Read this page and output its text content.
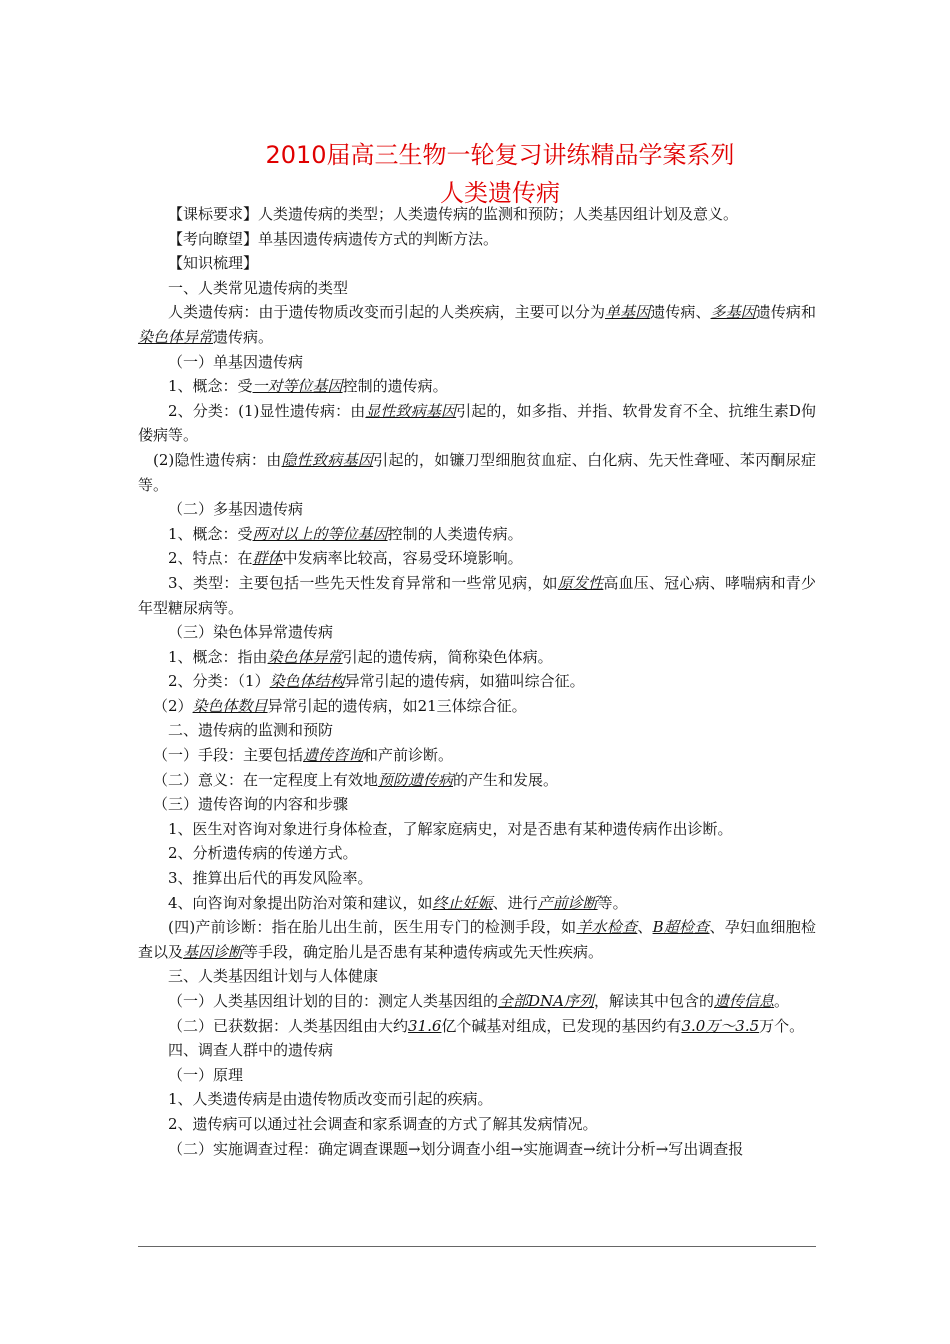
2010届高三生物一轮复习讲练精品学案系列
人类遗传病

【课标要求】人类遗传病的类型；人类遗传病的监测和预防；人类基因组计划及意义。

【考向瞭望】单基因遗传病遗传方式的判断方法。

【知识梳理】

一、人类常见遗传病的类型

人类遗传病：由于遗传物质改变而引起的人类疾病，主要可以分为单基因遗传病、多基因遗传病和染色体异常遗传病。

（一）单基因遗传病

1、概念：受一对等位基因控制的遗传病。

2、分类：(1)显性遗传病：由显性致病基因引起的，如多指、并指、软骨发育不全、抗维生素D佝偻病等。

(2)隐性遗传病：由隐性致病基因引起的，如镰刀型细胞贫血症、白化病、先天性聋哑、苯丙酮尿症等。

（二）多基因遗传病

1、概念：受两对以上的等位基因控制的人类遗传病。

2、特点：在群体中发病率比较高，容易受环境影响。

3、类型：主要包括一些先天性发育异常和一些常见病，如原发性高血压、冠心病、哮喘病和青少年型糖尿病等。

（三）染色体异常遗传病

1、概念：指由染色体异常引起的遗传病，简称染色体病。

2、分类：（1）染色体结构异常引起的遗传病，如猫叫综合征。

（2）染色体数目异常引起的遗传病，如21三体综合征。

二、遗传病的监测和预防

（一）手段：主要包括遗传咨询和产前诊断。

（二）意义：在一定程度上有效地预防遗传病的产生和发展。

（三）遗传咨询的内容和步骤

1、医生对咨询对象进行身体检查，了解家庭病史，对是否患有某种遗传病作出诊断。

2、分析遗传病的传递方式。

3、推算出后代的再发风险率。

4、向咨询对象提出防治对策和建议，如终止妊娠、进行产前诊断等。

(四)产前诊断：指在胎儿出生前，医生用专门的检测手段，如羊水检查、B超检查、孕妇血细胞检查以及基因诊断等手段，确定胎儿是否患有某种遗传病或先天性疾病。

三、人类基因组计划与人体健康

（一）人类基因组计划的目的：测定人类基因组的全部DNA序列，解读其中包含的遗传信息。

（二）已获数据：人类基因组由大约31.6亿个碱基对组成，已发现的基因约有3.0万～3.5万个。

四、调查人群中的遗传病

（一）原理

1、人类遗传病是由遗传物质改变而引起的疾病。

2、遗传病可以通过社会调查和家系调查的方式了解其发病情况。

（二）实施调查过程：确定调查课题→划分调查小组→实施调查→统计分析→写出调查报
